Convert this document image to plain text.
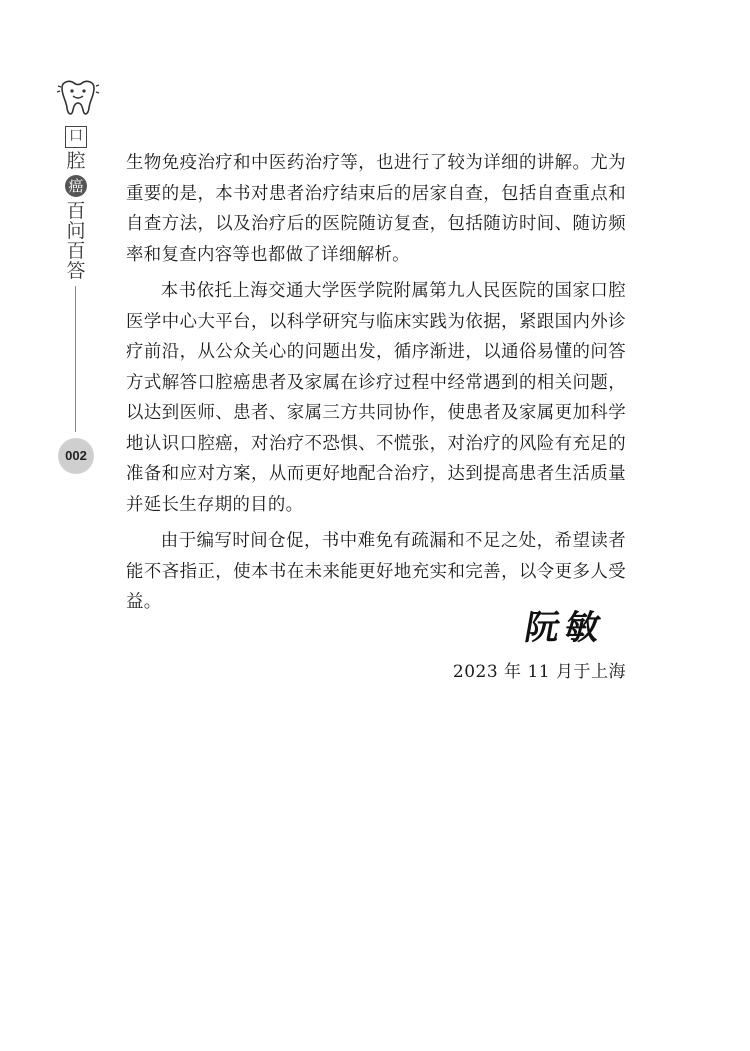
口
腔
癌
百
问
百
答
002

生物免疫治疗和中医药治疗等，也进行了较为详细的讲解。尤为重要的是，本书对患者治疗结束后的居家自查，包括自查重点和自查方法，以及治疗后的医院随访复查，包括随访时间、随访频率和复查内容等也都做了详细解析。

本书依托上海交通大学医学院附属第九人民医院的国家口腔医学中心大平台，以科学研究与临床实践为依据，紧跟国内外诊疗前沿，从公众关心的问题出发，循序渐进，以通俗易懂的问答方式解答口腔癌患者及家属在诊疗过程中经常遇到的相关问题，以达到医师、患者、家属三方共同协作，使患者及家属更加科学地认识口腔癌，对治疗不恐惧、不慌张，对治疗的风险有充足的准备和应对方案，从而更好地配合治疗，达到提高患者生活质量并延长生存期的目的。

由于编写时间仓促，书中难免有疏漏和不足之处，希望读者能不吝指正，使本书在未来能更好地充实和完善，以令更多人受益。

阮敏
2023 年 11 月于上海
